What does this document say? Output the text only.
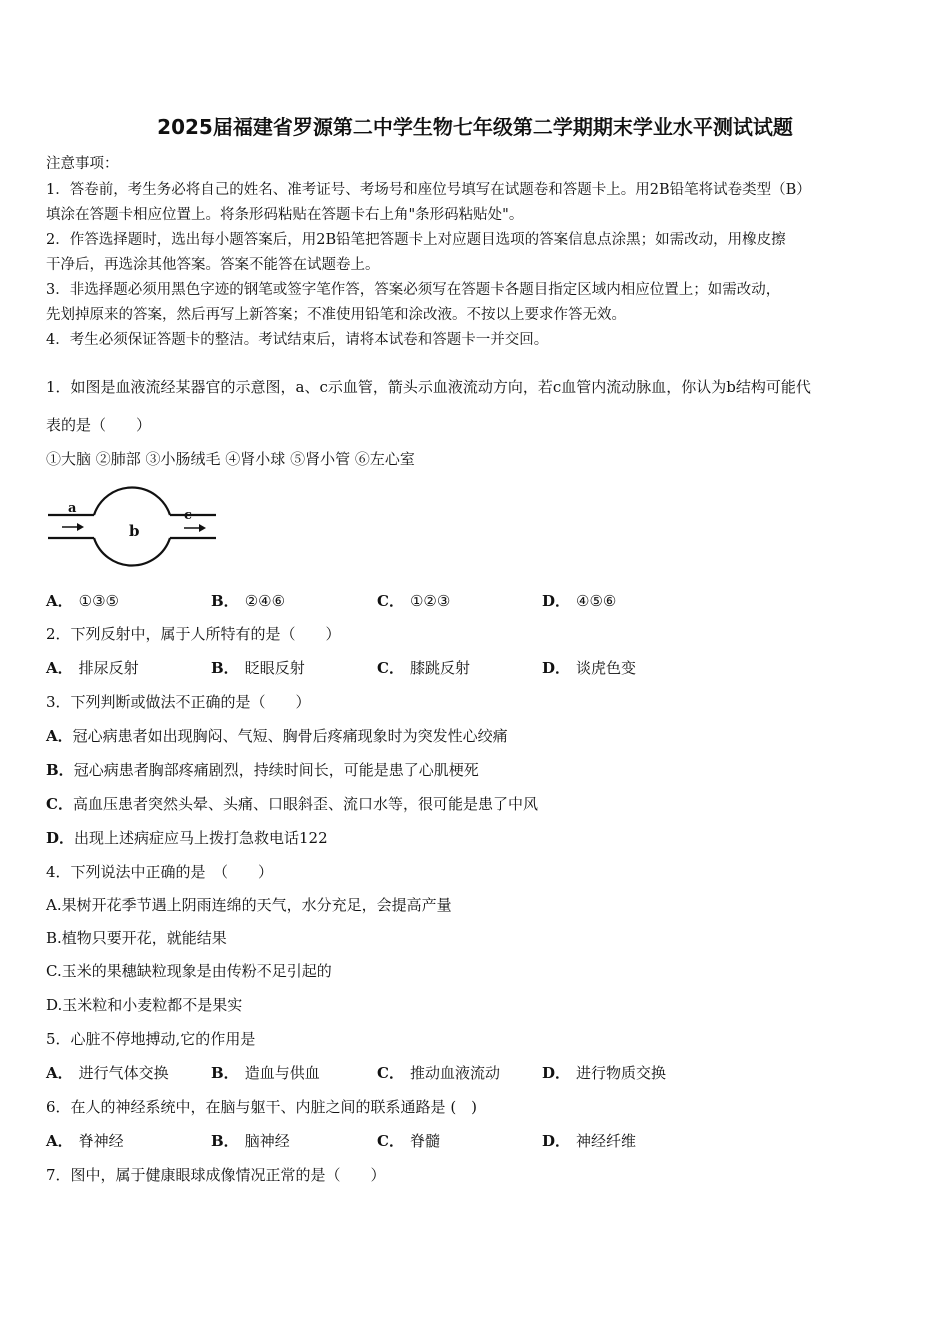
2025届福建省罗源第二中学生物七年级第二学期期末学业水平测试试题
注意事项：
1．答卷前，考生务必将自己的姓名、准考证号、考场号和座位号填写在试题卷和答题卡上。用2B铅笔将试卷类型（B）
填涂在答题卡相应位置上。将条形码粘贴在答题卡右上角"条形码粘贴处"。
2．作答选择题时，选出每小题答案后，用2B铅笔把答题卡上对应题目选项的答案信息点涂黑；如需改动，用橡皮擦
干净后，再选涂其他答案。答案不能答在试题卷上。
3．非选择题必须用黑色字迹的钢笔或签字笔作答，答案必须写在答题卡各题目指定区域内相应位置上；如需改动，
先划掉原来的答案，然后再写上新答案；不准使用铅笔和涂改液。不按以上要求作答无效。
4．考生必须保证答题卡的整洁。考试结束后，请将本试卷和答题卡一并交回。
1．如图是血液流经某器官的示意图，a、c示血管，箭头示血液流动方向，若c血管内流动脉血，你认为b结构可能代
表的是（　　）
①大脑 ②肺部 ③小肠绒毛 ④肾小球 ⑤肾小管 ⑥左心室
a
b
c
A． ①③⑤	B． ②④⑥	C． ①②③	D． ④⑤⑥
2．下列反射中，属于人所特有的是（　　）
A． 排尿反射	B． 眨眼反射	C． 膝跳反射	D． 谈虎色变
3．下列判断或做法不正确的是（　　）
A．冠心病患者如出现胸闷、气短、胸骨后疼痛现象时为突发性心绞痛
B．冠心病患者胸部疼痛剧烈，持续时间长，可能是患了心肌梗死
C．高血压患者突然头晕、头痛、口眼斜歪、流口水等，很可能是患了中风
D．出现上述病症应马上拨打急救电话122
4．下列说法中正确的是　（　　）
A.果树开花季节遇上阴雨连绵的天气，水分充足，会提高产量
B.植物只要开花，就能结果
C.玉米的果穗缺粒现象是由传粉不足引起的
D.玉米粒和小麦粒都不是果实
5．心脏不停地搏动,它的作用是
A． 进行气体交换	B． 造血与供血	C． 推动血液流动	D． 进行物质交换
6．在人的神经系统中，在脑与躯干、内脏之间的联系通路是 (　)
A． 脊神经	B． 脑神经	C． 脊髓	D． 神经纤维
7．图中，属于健康眼球成像情况正常的是（　　）
